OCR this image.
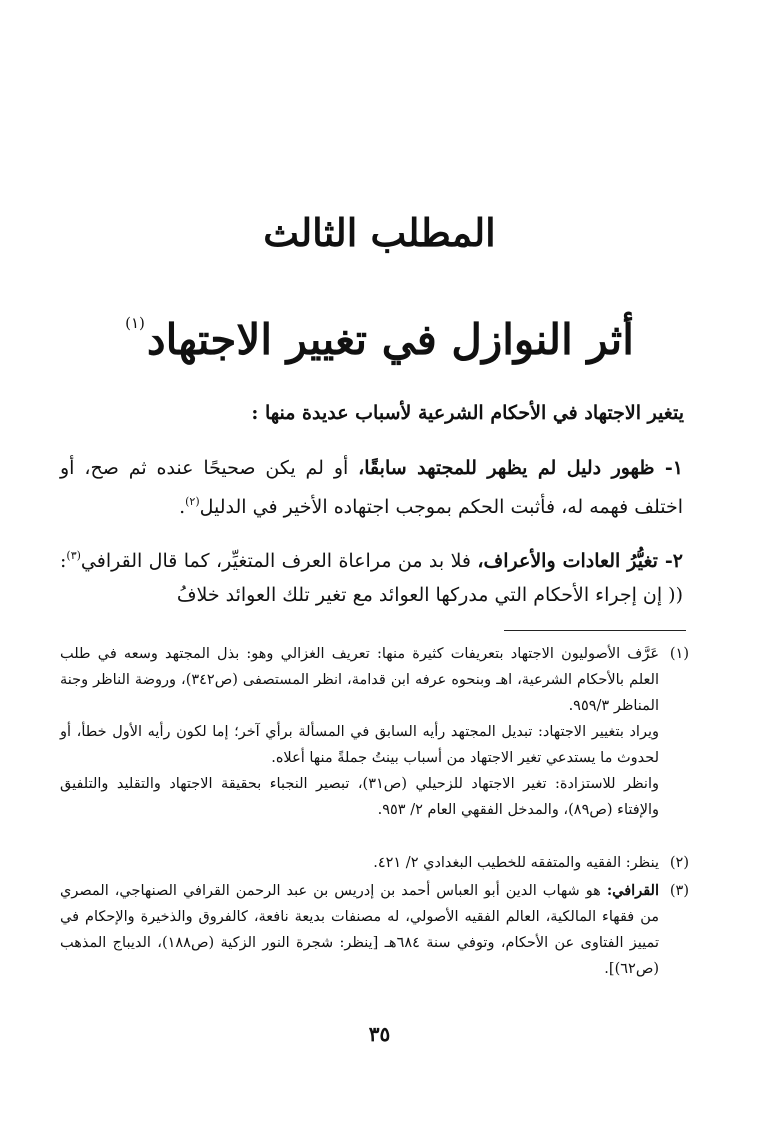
المطلب الثالث
أثر النوازل في تغيير الاجتهاد$^{(١)}$

يتغير الاجتهاد في الأحكام الشرعية لأسباب عديدة منها :

١- ظهور دليل لم يظهر للمجتهد سابقًا، أو لم يكن صحيحًا عنده ثم صح، أو اختلف فهمه له، فأثبت الحكم بموجب اجتهاده الأخير في الدليل$^{(٢)}$.

٢- تغيُّرُ العادات والأعراف، فلا بد من مراعاة العرف المتغيِّر، كما قال القرافي$^{(٣)}$: (( إن إجراء الأحكام التي مدركها العوائد مع تغير تلك العوائد خلافُ

(١)
عَرَّف الأصوليون الاجتهاد بتعريفات كثيرة منها: تعريف الغزالي وهو: بذل المجتهد وسعه في طلب العلم بالأحكام الشرعية، اهـ وبنحوه عرفه ابن قدامة، انظر المستصفى (ص٣٤٢)، وروضة الناظر وجنة المناظر ٩٥٩/٣.
ويراد بتغيير الاجتهاد: تبديل المجتهد رأيه السابق في المسألة برأي آخر؛ إما لكون رأيه الأول خطأ، أو لحدوث ما يستدعي تغير الاجتهاد من أسباب بينتُ جملةً منها أعلاه.
وانظر للاستزادة: تغير الاجتهاد للزحيلي (ص٣١)، تبصير النجباء بحقيقة الاجتهاد والتقليد والتلفيق والإفتاء (ص٨٩)، والمدخل الفقهي العام ٢/ ٩٥٣.
(٢)
ينظر: الفقيه والمتفقه للخطيب البغدادي ٢/ ٤٢١.
(٣)
القرافي: هو شهاب الدين أبو العباس أحمد بن إدريس بن عبد الرحمن القرافي الصنهاجي، المصري من فقهاء المالكية، العالم الفقيه الأصولي، له مصنفات بديعة نافعة، كالفروق والذخيرة والإحكام في تمييز الفتاوى عن الأحكام، وتوفي سنة ٦٨٤هـ [ينظر: شجرة النور الزكية (ص١٨٨)، الديباج المذهب (ص٦٢)].

٣٥
